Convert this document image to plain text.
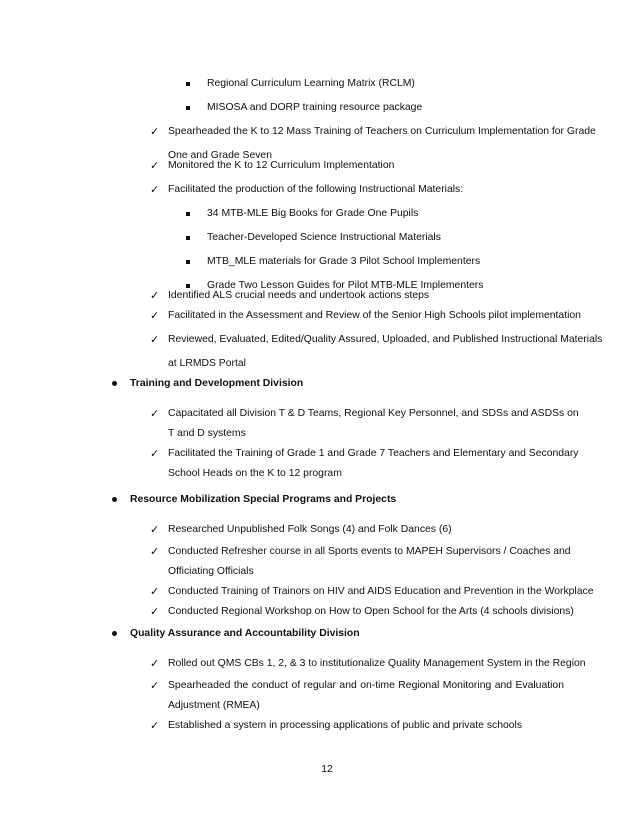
Regional Curriculum Learning Matrix (RCLM)
MISOSA and DORP training resource package
✓ Spearheaded the K to 12 Mass Training of Teachers on Curriculum Implementation for Grade
One and Grade Seven
✓ Monitored the K to 12 Curriculum Implementation
✓ Facilitated the production of the following Instructional Materials:
34 MTB-MLE Big Books for Grade One Pupils
Teacher-Developed Science Instructional Materials
MTB_MLE materials for Grade 3 Pilot School Implementers
Grade Two Lesson Guides for Pilot MTB-MLE Implementers
✓ Identified ALS crucial needs and undertook actions steps
✓ Facilitated in the Assessment and Review of the Senior High Schools pilot implementation
✓ Reviewed, Evaluated, Edited/Quality Assured, Uploaded, and Published Instructional Materials
at LRMDS Portal
Training and Development Division
✓ Capacitated all Division T & D Teams, Regional Key Personnel, and SDSs and ASDSs on
T and D systems
✓ Facilitated the Training of Grade 1 and Grade 7 Teachers and Elementary and Secondary
School Heads on the K to 12 program
Resource Mobilization Special Programs and Projects
✓ Researched Unpublished Folk Songs (4) and Folk Dances (6)
✓ Conducted Refresher course in all Sports events to MAPEH Supervisors / Coaches and
Officiating Officials
✓ Conducted Training of Trainors on HIV and AIDS Education and Prevention in the Workplace
✓ Conducted Regional Workshop on How to Open School for the Arts (4 schools divisions)
Quality Assurance and Accountability Division
✓ Rolled out QMS CBs 1, 2, & 3 to institutionalize Quality Management System in the Region
✓ Spearheaded the conduct of regular and on-time Regional Monitoring and Evaluation
Adjustment (RMEA)
✓ Established a system in processing applications of public and private schools
12
